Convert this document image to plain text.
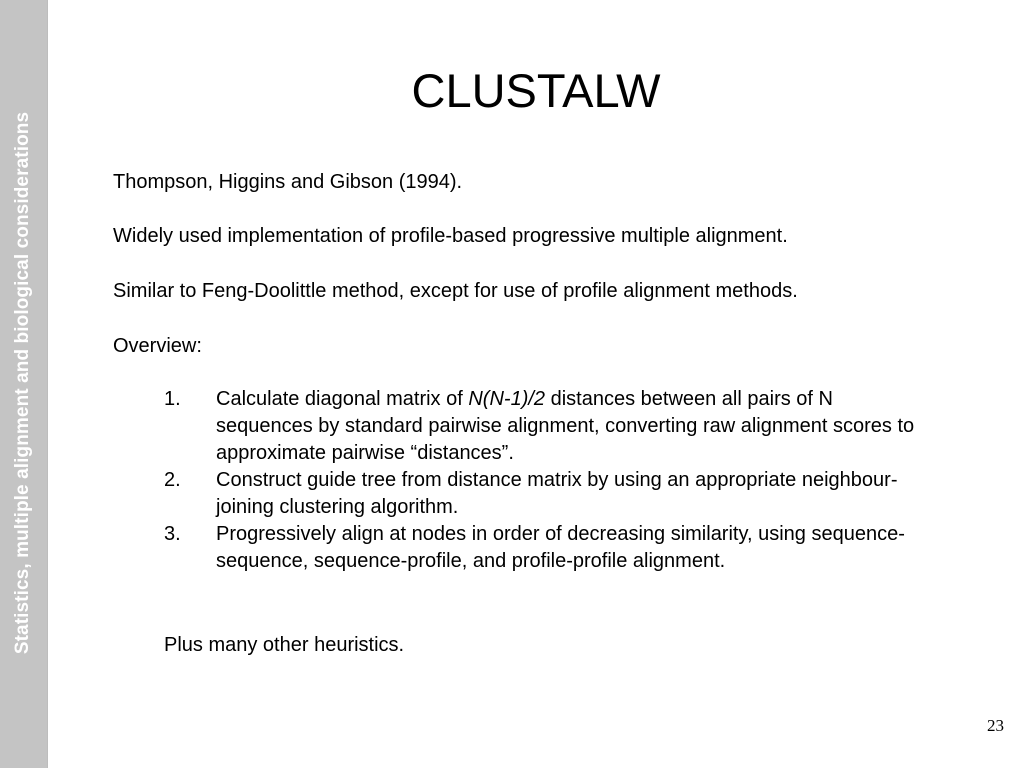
Statistics, multiple alignment and biological considerations
CLUSTALW
Thompson, Higgins and Gibson (1994).
Widely used implementation of profile-based progressive multiple alignment.
Similar to Feng-Doolittle method, except for use of profile alignment methods.
Overview:
1. Calculate diagonal matrix of N(N-1)/2 distances between all pairs of N sequences by standard pairwise alignment, converting raw alignment scores to approximate pairwise “distances”.
2. Construct guide tree from distance matrix by using an appropriate neighbour-joining clustering algorithm.
3. Progressively align at nodes in order of decreasing similarity, using sequence-sequence, sequence-profile, and profile-profile alignment.
Plus many other heuristics.
23
